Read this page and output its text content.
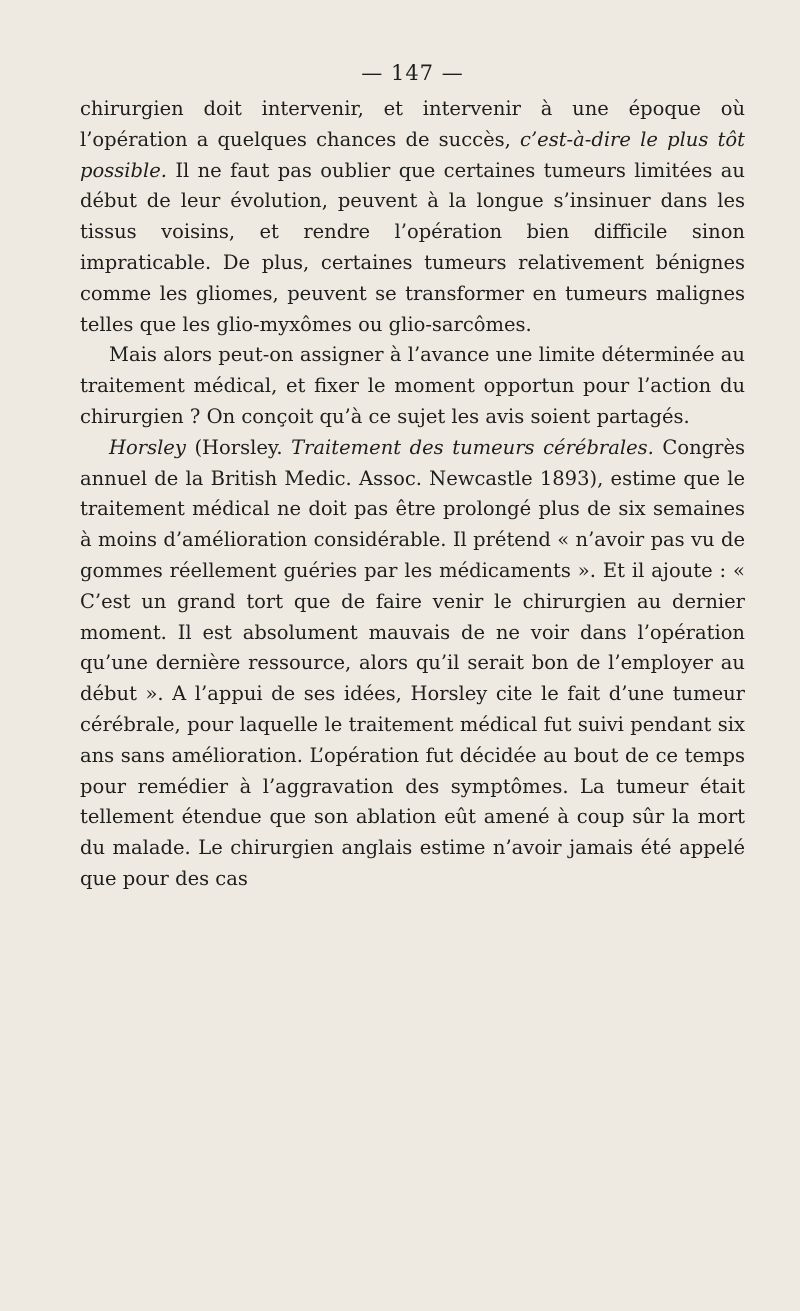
— 147 —

chirurgien doit intervenir, et intervenir à une époque où l’opération a quelques chances de succès, c’est-à-dire le plus tôt possible. Il ne faut pas oublier que certaines tumeurs limitées au début de leur évolution, peuvent à la longue s’insinuer dans les tissus voisins, et rendre l’opération bien difficile sinon impraticable. De plus, certaines tumeurs relativement bénignes comme les gliomes, peuvent se transformer en tumeurs malignes telles que les glio-myxômes ou glio-sarcômes.

Mais alors peut-on assigner à l’avance une limite déterminée au traitement médical, et fixer le moment opportun pour l’action du chirurgien ? On conçoit qu’à ce sujet les avis soient partagés.

Horsley (Horsley. Traitement des tumeurs cérébrales. Congrès annuel de la British Medic. Assoc. Newcastle 1893), estime que le traitement médical ne doit pas être prolongé plus de six semaines à moins d’amélioration considérable. Il prétend « n’avoir pas vu de gommes réellement guéries par les médicaments ». Et il ajoute : « C’est un grand tort que de faire venir le chirurgien au dernier moment. Il est absolument mauvais de ne voir dans l’opération qu’une dernière ressource, alors qu’il serait bon de l’employer au début ». A l’appui de ses idées, Horsley cite le fait d’une tumeur cérébrale, pour laquelle le traitement médical fut suivi pendant six ans sans amélioration. L’opération fut décidée au bout de ce temps pour remédier à l’aggravation des symptômes. La tumeur était tellement étendue que son ablation eût amené à coup sûr la mort du malade. Le chirurgien anglais estime n’avoir jamais été appelé que pour des cas
